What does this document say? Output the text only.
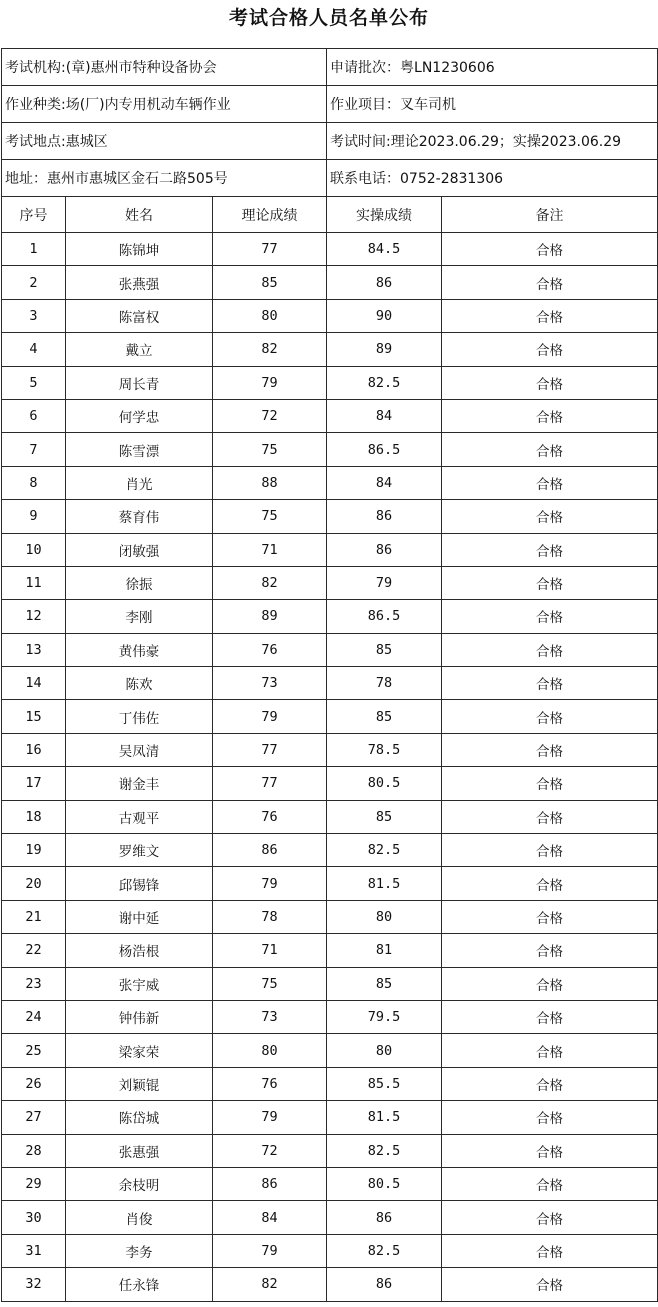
考试合格人员名单公布
考试机构:(章)惠州市特种设备协会			申请批次：粤LN1230606	
作业种类:场(厂)内专用机动车辆作业			作业项目：叉车司机	
考试地点:惠城区			考试时间:理论2023.06.29；实操2023.06.29	
地址：惠州市惠城区金石二路505号			联系电话：0752-2831306	
序号	姓名	理论成绩	实操成绩	备注
1	陈锦坤	77	84.5	合格
2	张燕强	85	86	合格
3	陈富权	80	90	合格
4	戴立	82	89	合格
5	周长青	79	82.5	合格
6	何学忠	72	84	合格
7	陈雪漂	75	86.5	合格
8	肖光	88	84	合格
9	蔡育伟	75	86	合格
10	闭敏强	71	86	合格
11	徐振	82	79	合格
12	李刚	89	86.5	合格
13	黄伟豪	76	85	合格
14	陈欢	73	78	合格
15	丁伟佐	79	85	合格
16	吴凤清	77	78.5	合格
17	谢金丰	77	80.5	合格
18	古观平	76	85	合格
19	罗维文	86	82.5	合格
20	邱锡锋	79	81.5	合格
21	谢中延	78	80	合格
22	杨浩根	71	81	合格
23	张宇威	75	85	合格
24	钟伟新	73	79.5	合格
25	梁家荣	80	80	合格
26	刘颖锟	76	85.5	合格
27	陈岱城	79	81.5	合格
28	张惠强	72	82.5	合格
29	余枝明	86	80.5	合格
30	肖俊	84	86	合格
31	李务	79	82.5	合格
32	任永锋	82	86	合格
